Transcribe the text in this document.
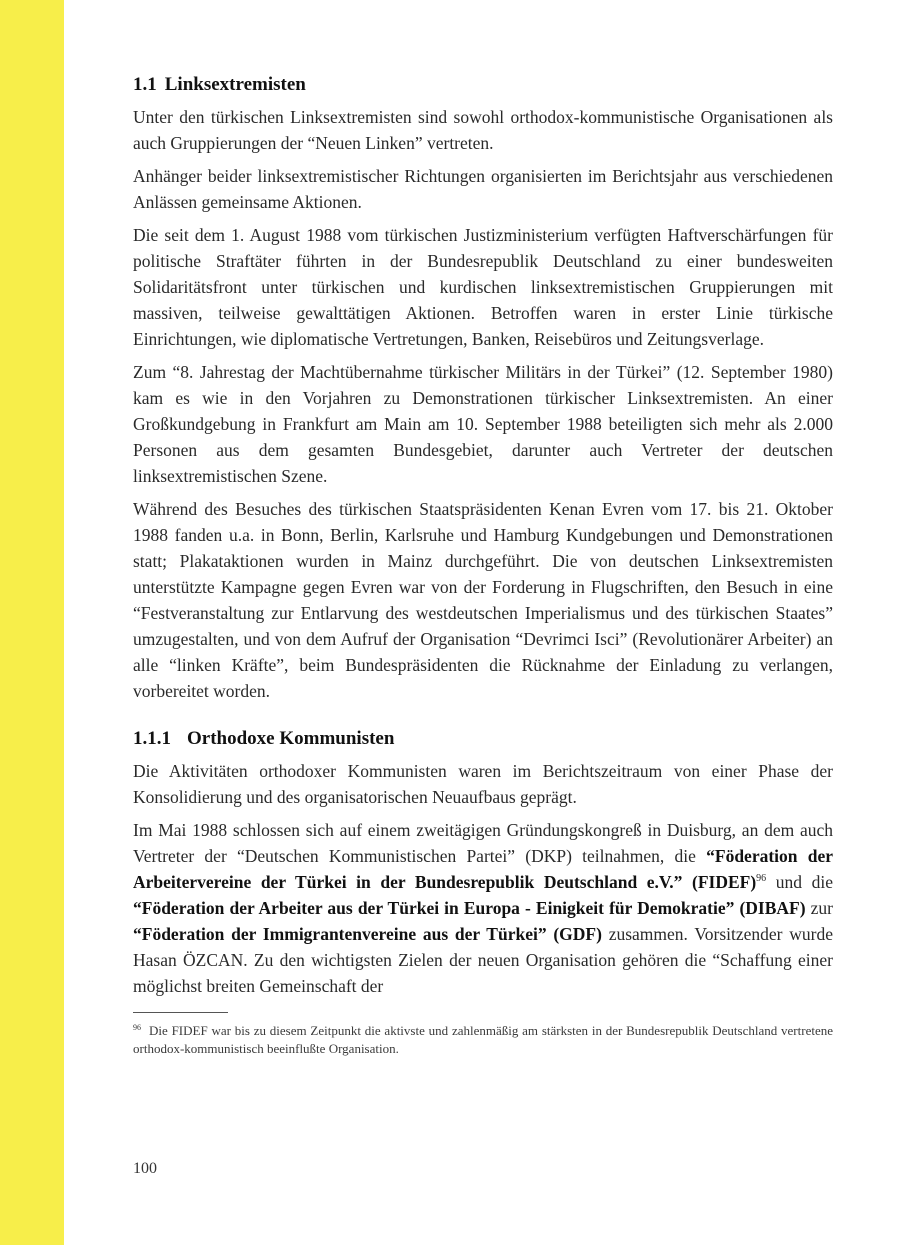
1.1 Linksextremisten

Unter den türkischen Linksextremisten sind sowohl orthodox-kommunistische Organisationen als auch Gruppierungen der “Neuen Linken” vertreten.

Anhänger beider linksextremistischer Richtungen organisierten im Berichtsjahr aus verschiedenen Anlässen gemeinsame Aktionen.

Die seit dem 1. August 1988 vom türkischen Justizministerium verfügten Haftverschärfungen für politische Straftäter führten in der Bundesrepublik Deutschland zu einer bundesweiten Solidaritätsfront unter türkischen und kurdischen linksextremistischen Gruppierungen mit massiven, teilweise gewalttätigen Aktionen. Betroffen waren in erster Linie türkische Einrichtungen, wie diplomatische Vertretungen, Banken, Reisebüros und Zeitungsverlage.

Zum “8. Jahrestag der Machtübernahme türkischer Militärs in der Türkei” (12. September 1980) kam es wie in den Vorjahren zu Demonstrationen türkischer Linksextremisten. An einer Großkundgebung in Frankfurt am Main am 10. September 1988 beteiligten sich mehr als 2.000 Personen aus dem gesamten Bundesgebiet, darunter auch Vertreter der deutschen linksextremistischen Szene.

Während des Besuches des türkischen Staatspräsidenten Kenan Evren vom 17. bis 21. Oktober 1988 fanden u.a. in Bonn, Berlin, Karlsruhe und Hamburg Kundgebungen und Demonstrationen statt; Plakataktionen wurden in Mainz durchgeführt. Die von deutschen Linksextremisten unterstützte Kampagne gegen Evren war von der Forderung in Flugschriften, den Besuch in eine “Festveranstaltung zur Entlarvung des westdeutschen Imperialismus und des türkischen Staates” umzugestalten, und von dem Aufruf der Organisation “Devrimci Isci” (Revolutionärer Arbeiter) an alle “linken Kräfte”, beim Bundespräsidenten die Rücknahme der Einladung zu verlangen, vorbereitet worden.

1.1.1 Orthodoxe Kommunisten

Die Aktivitäten orthodoxer Kommunisten waren im Berichtszeitraum von einer Phase der Konsolidierung und des organisatorischen Neuaufbaus geprägt.

Im Mai 1988 schlossen sich auf einem zweitägigen Gründungskongreß in Duisburg, an dem auch Vertreter der “Deutschen Kommunistischen Partei” (DKP) teilnahmen, die “Föderation der Arbeitervereine der Türkei in der Bundesrepublik Deutschland e.V.” (FIDEF)$^{96}$ und die “Föderation der Arbeiter aus der Türkei in Europa - Einigkeit für Demokratie” (DIBAF) zur “Föderation der Immigrantenvereine aus der Türkei” (GDF) zusammen. Vorsitzender wurde Hasan ÖZCAN. Zu den wichtigsten Zielen der neuen Organisation gehören die “Schaffung einer möglichst breiten Gemeinschaft der

$^{96}$ Die FIDEF war bis zu diesem Zeitpunkt die aktivste und zahlenmäßig am stärksten in der Bundesrepublik Deutschland vertretene orthodox-kommunistisch beeinflußte Organisation.

100
